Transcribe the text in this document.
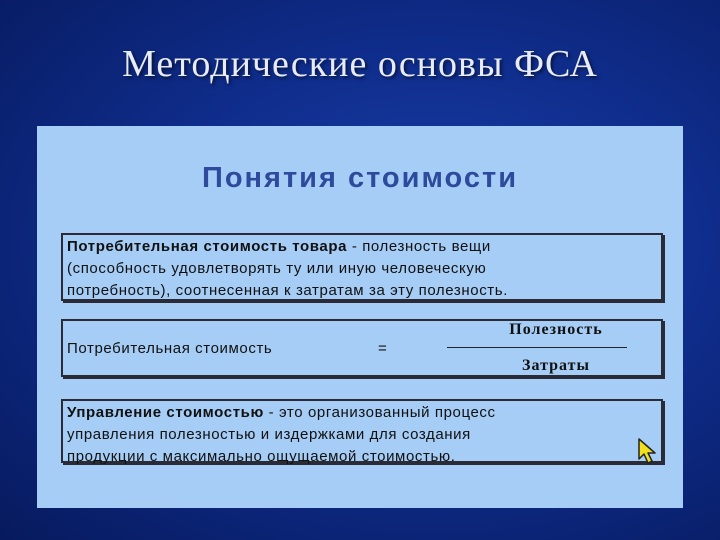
Методические основы ФСА
Понятия стоимости
Потребительная стоимость товара - полезность вещи
(способность удовлетворять ту или иную человеческую
потребность), соотнесенная к затратам за эту полезность.
Потребительная стоимость	=
Полезность
Затраты
Управление стоимостью - это организованный процесс
управления полезностью и издержками для создания
продукции с максимально ощущаемой стоимостью.
